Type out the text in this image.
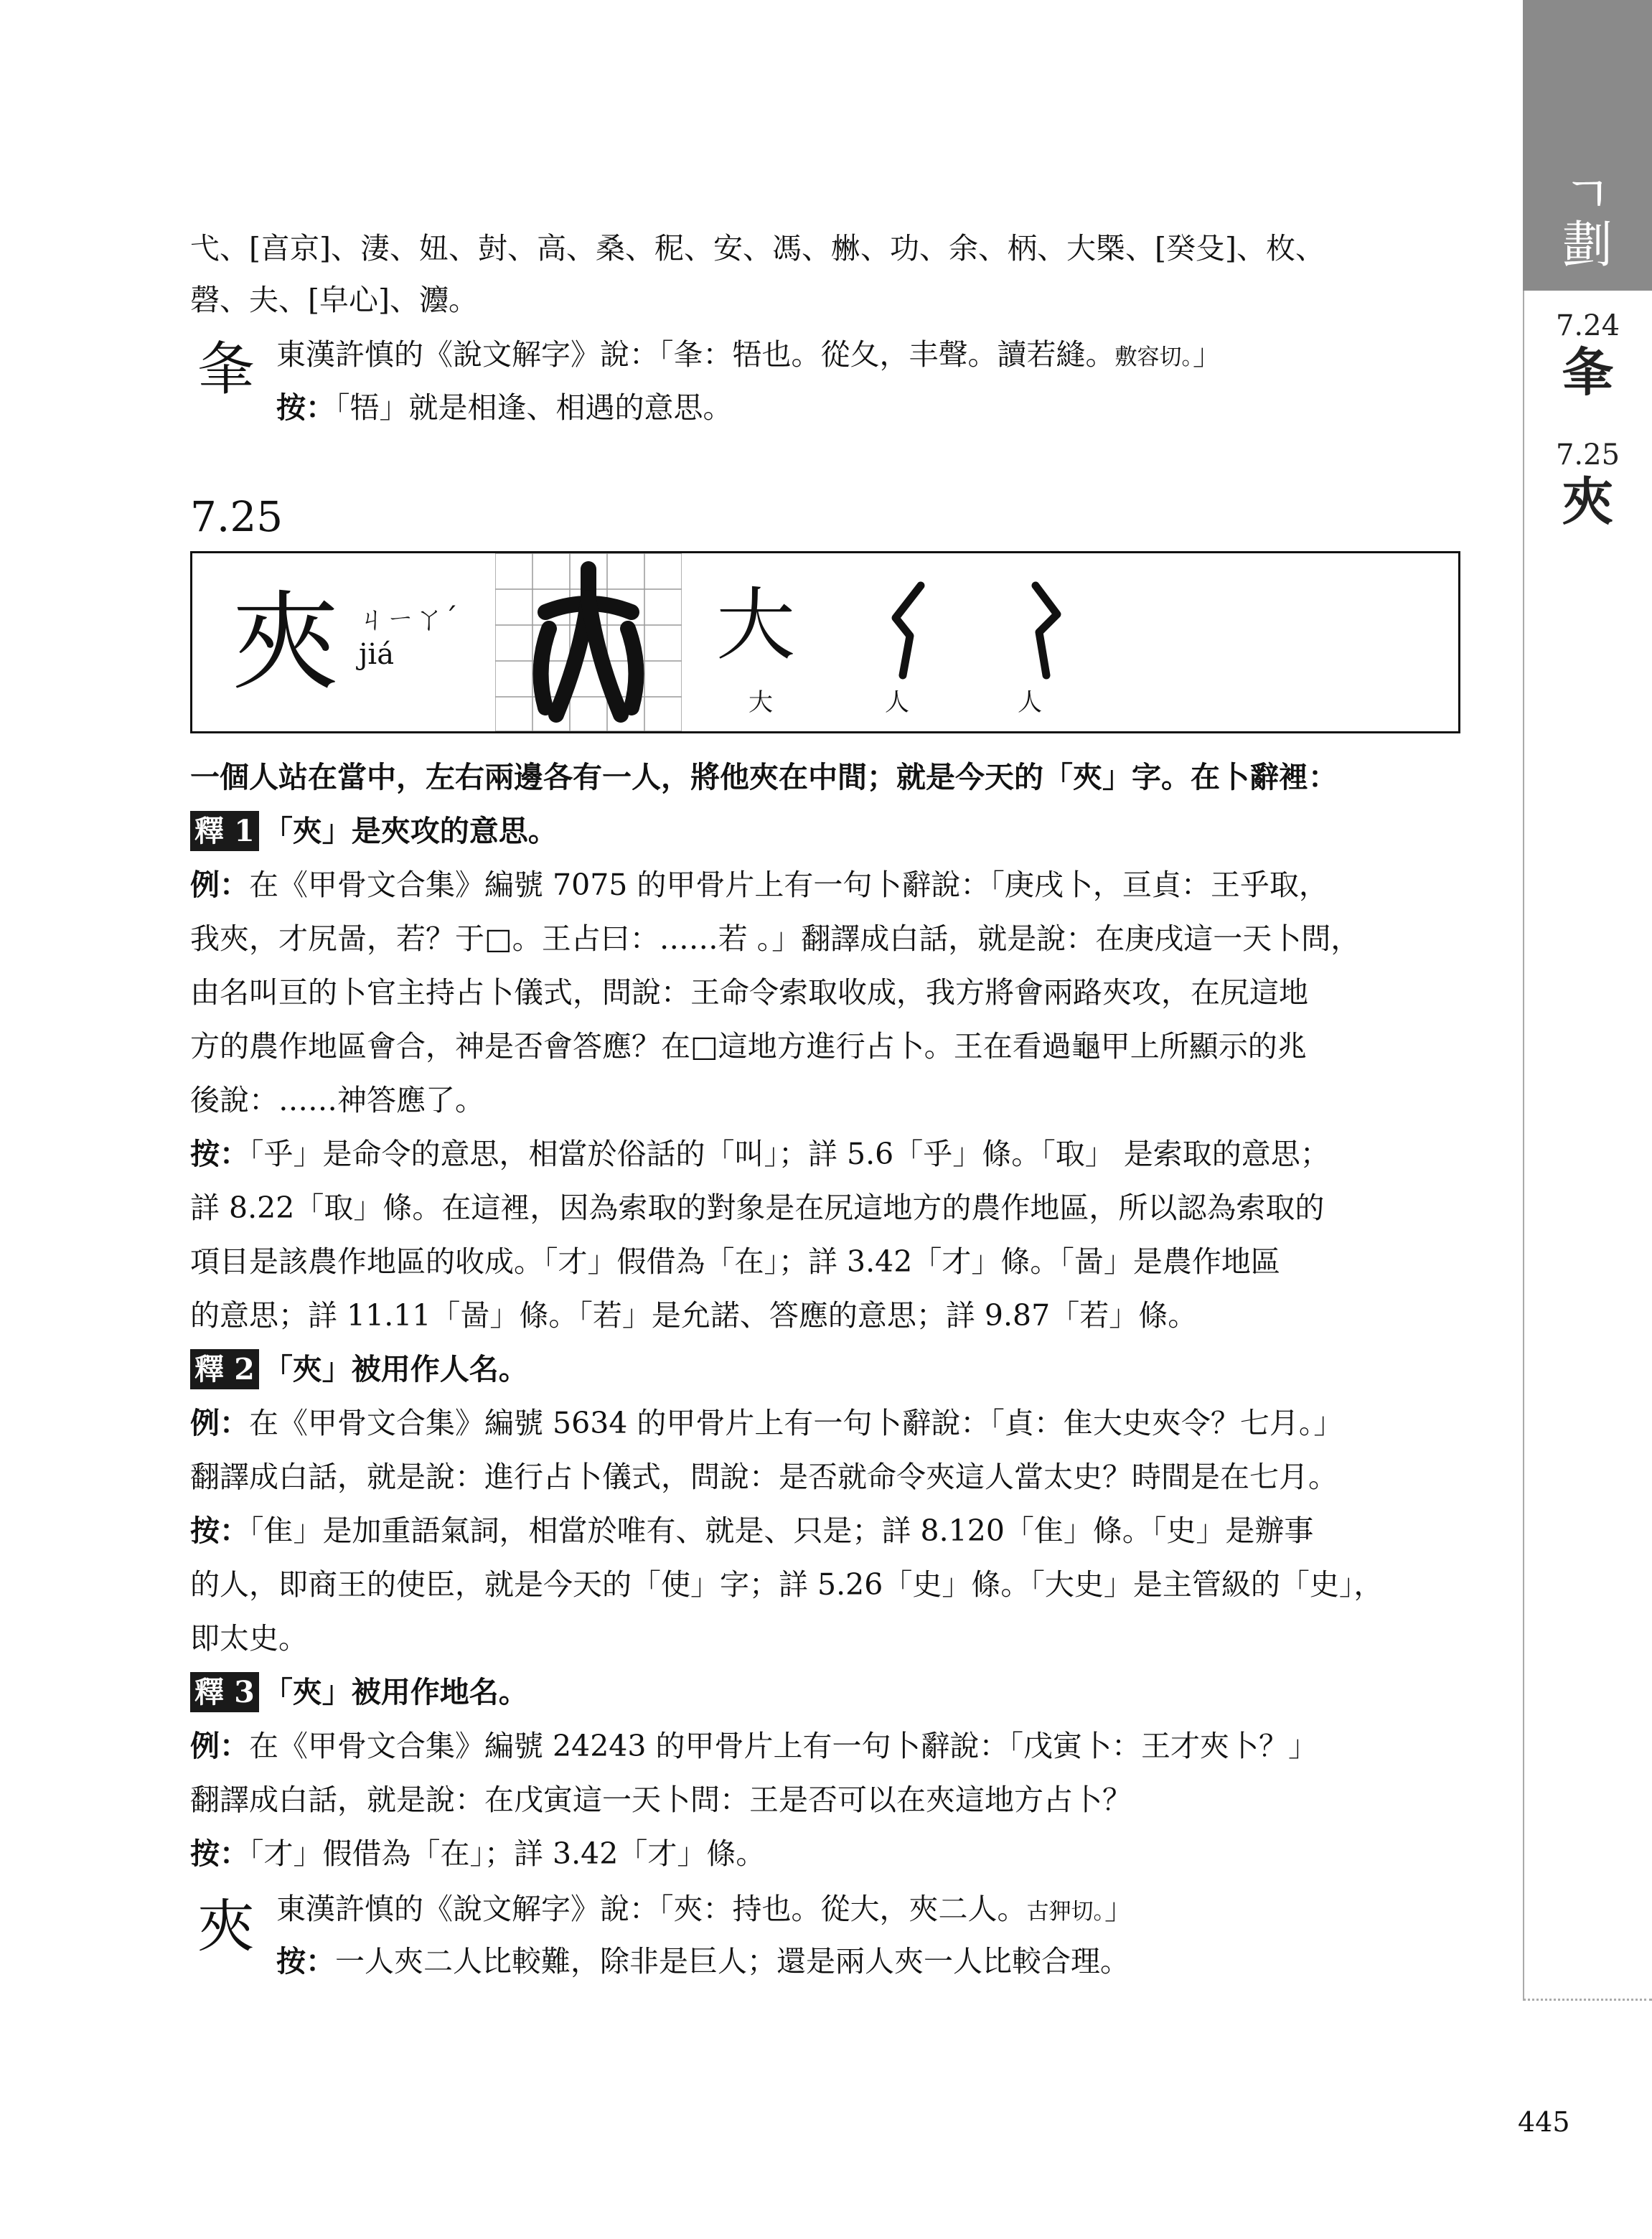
ㄱ
劃
7.24
夆
7.25
夾
弋、[亯京]、淒、妞、尌、高、桑、秜、安、馮、㴇、功、余、柄、大㮣、[癸殳]、枚、
磬、夫、[皁心]、灋。
夆 東漢許慎的《說文解字》說：「夆：牾也。從夂，丰聲。讀若縫。敷容切。」
按：「牾」就是相逢、相遇的意思。
7.25
夾 ㄐㄧㄚˊ
jiá	大
大	人	人
一個人站在當中，左右兩邊各有一人，將他夾在中間；就是今天的「夾」字。在卜辭裡：
釋 1 「夾」是夾攻的意思。
例：在《甲骨文合集》編號 7075 的甲骨片上有一句卜辭說：「庚戌卜，亘貞：王乎取，
我夾，才尻啚，若？于□。王占曰：……若 。」翻譯成白話，就是說：在庚戌這一天卜問，
由名叫亘的卜官主持占卜儀式，問說：王命令索取收成，我方將會兩路夾攻，在尻這地
方的農作地區會合，神是否會答應？在□這地方進行占卜。王在看過龜甲上所顯示的兆
後說：……神答應了。
按：「乎」是命令的意思，相當於俗話的「叫」；詳 5.6「乎」條。「取」 是索取的意思；
詳 8.22「取」條。在這裡，因為索取的對象是在尻這地方的農作地區，所以認為索取的
項目是該農作地區的收成。「才」假借為「在」；詳 3.42「才」條。「啚」是農作地區
的意思；詳 11.11「啚」條。「若」是允諾、答應的意思；詳 9.87「若」條。
釋 2 「夾」被用作人名。
例：在《甲骨文合集》編號 5634 的甲骨片上有一句卜辭說：「貞：隹大史夾令？七月。」
翻譯成白話，就是說：進行占卜儀式，問說：是否就命令夾這人當太史？時間是在七月。
按：「隹」是加重語氣詞，相當於唯有、就是、只是；詳 8.120「隹」條。「史」是辦事
的人，即商王的使臣，就是今天的「使」字；詳 5.26「史」條。「大史」是主管級的「史」，
即太史。
釋 3 「夾」被用作地名。
例：在《甲骨文合集》編號 24243 的甲骨片上有一句卜辭說：「戊寅卜：王才夾卜？」
翻譯成白話，就是說：在戊寅這一天卜問：王是否可以在夾這地方占卜？
按：「才」假借為「在」；詳 3.42「才」條。
夾 東漢許慎的《說文解字》說：「夾：持也。從大，夾二人。古狎切。」
按：一人夾二人比較難，除非是巨人；還是兩人夾一人比較合理。
445
